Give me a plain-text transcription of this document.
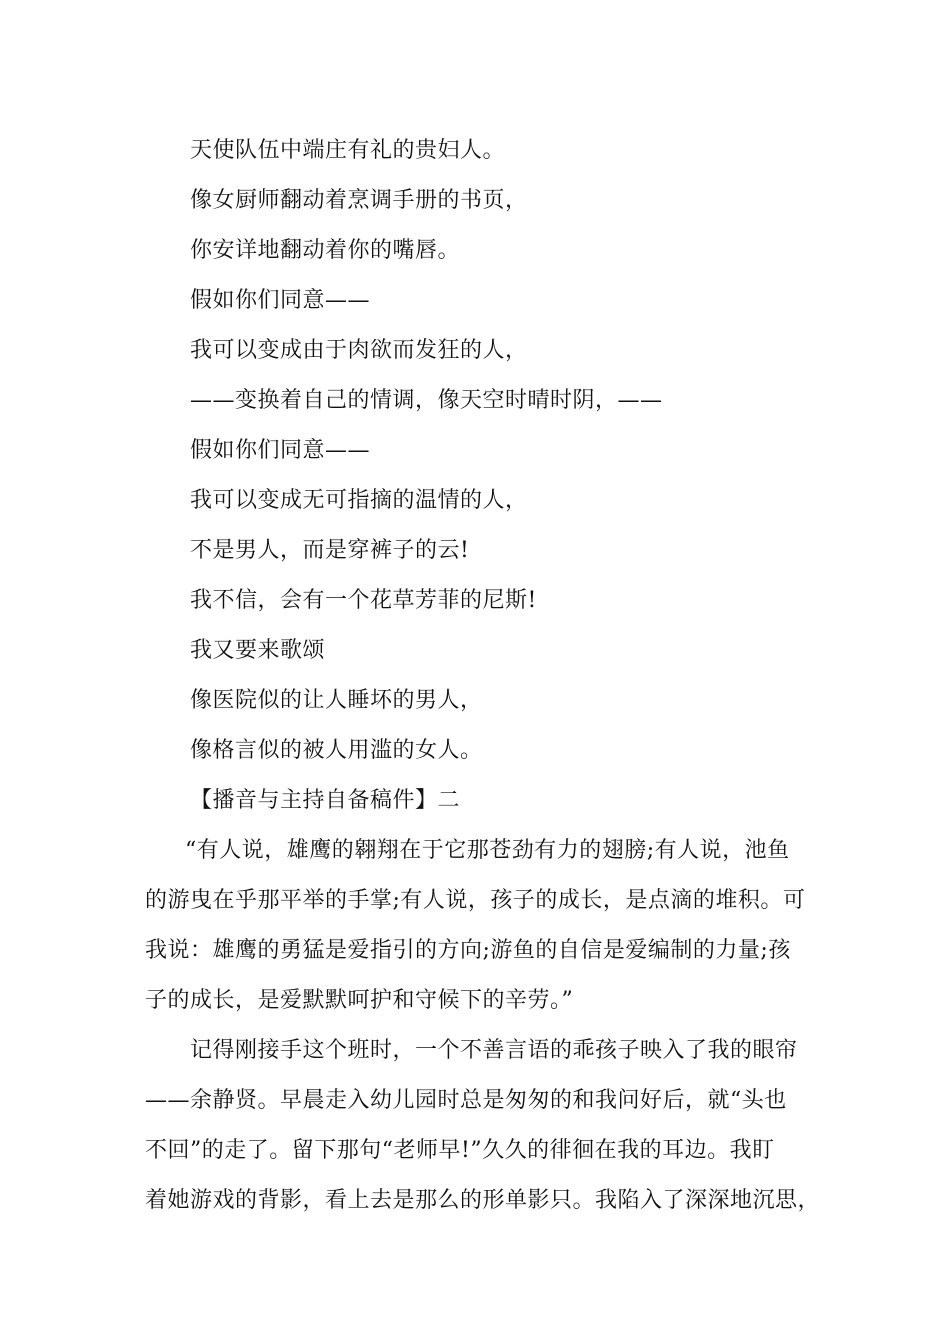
天使队伍中端庄有礼的贵妇人。
像女厨师翻动着烹调手册的书页，
你安详地翻动着你的嘴唇。
假如你们同意——
我可以变成由于肉欲而发狂的人，
——变换着自己的情调，像天空时晴时阴，——
假如你们同意——
我可以变成无可指摘的温情的人，
不是男人，而是穿裤子的云!
我不信，会有一个花草芳菲的尼斯!
我又要来歌颂
像医院似的让人睡坏的男人，
像格言似的被人用滥的女人。
【播音与主持自备稿件】二
“有人说，雄鹰的翱翔在于它那苍劲有力的翅膀;有人说，池鱼
的游曳在乎那平举的手掌;有人说，孩子的成长，是点滴的堆积。可
我说：雄鹰的勇猛是爱指引的方向;游鱼的自信是爱编制的力量;孩
子的成长，是爱默默呵护和守候下的辛劳。”
记得刚接手这个班时，一个不善言语的乖孩子映入了我的眼帘
——余静贤。早晨走入幼儿园时总是匆匆的和我问好后，就“头也
不回”的走了。留下那句“老师早!”久久的徘徊在我的耳边。我盯
着她游戏的背影，看上去是那么的形单影只。我陷入了深深地沉思，
